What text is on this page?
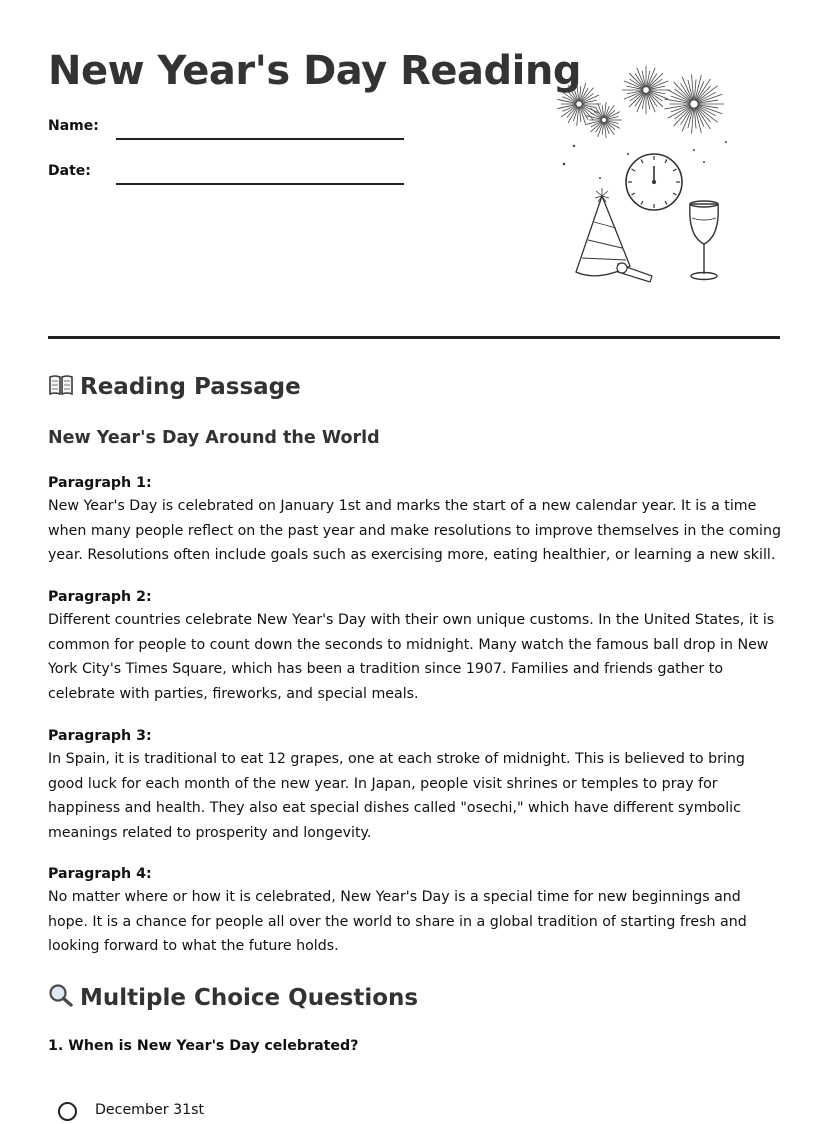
New Year's Day Reading
Name:
Date:
Reading Passage
New Year's Day Around the World
Paragraph 1:
New Year's Day is celebrated on January 1st and marks the start of a new calendar year. It is a time when many people reflect on the past year and make resolutions to improve themselves in the coming year. Resolutions often include goals such as exercising more, eating healthier, or learning a new skill.
Paragraph 2:
Different countries celebrate New Year's Day with their own unique customs. In the United States, it is common for people to count down the seconds to midnight. Many watch the famous ball drop in New York City's Times Square, which has been a tradition since 1907. Families and friends gather to celebrate with parties, fireworks, and special meals.
Paragraph 3:
In Spain, it is traditional to eat 12 grapes, one at each stroke of midnight. This is believed to bring good luck for each month of the new year. In Japan, people visit shrines or temples to pray for happiness and health. They also eat special dishes called "osechi," which have different symbolic meanings related to prosperity and longevity.
Paragraph 4:
No matter where or how it is celebrated, New Year's Day is a special time for new beginnings and hope. It is a chance for people all over the world to share in a global tradition of starting fresh and looking forward to what the future holds.
Multiple Choice Questions

1. When is New Year's Day celebrated?

December 31st
